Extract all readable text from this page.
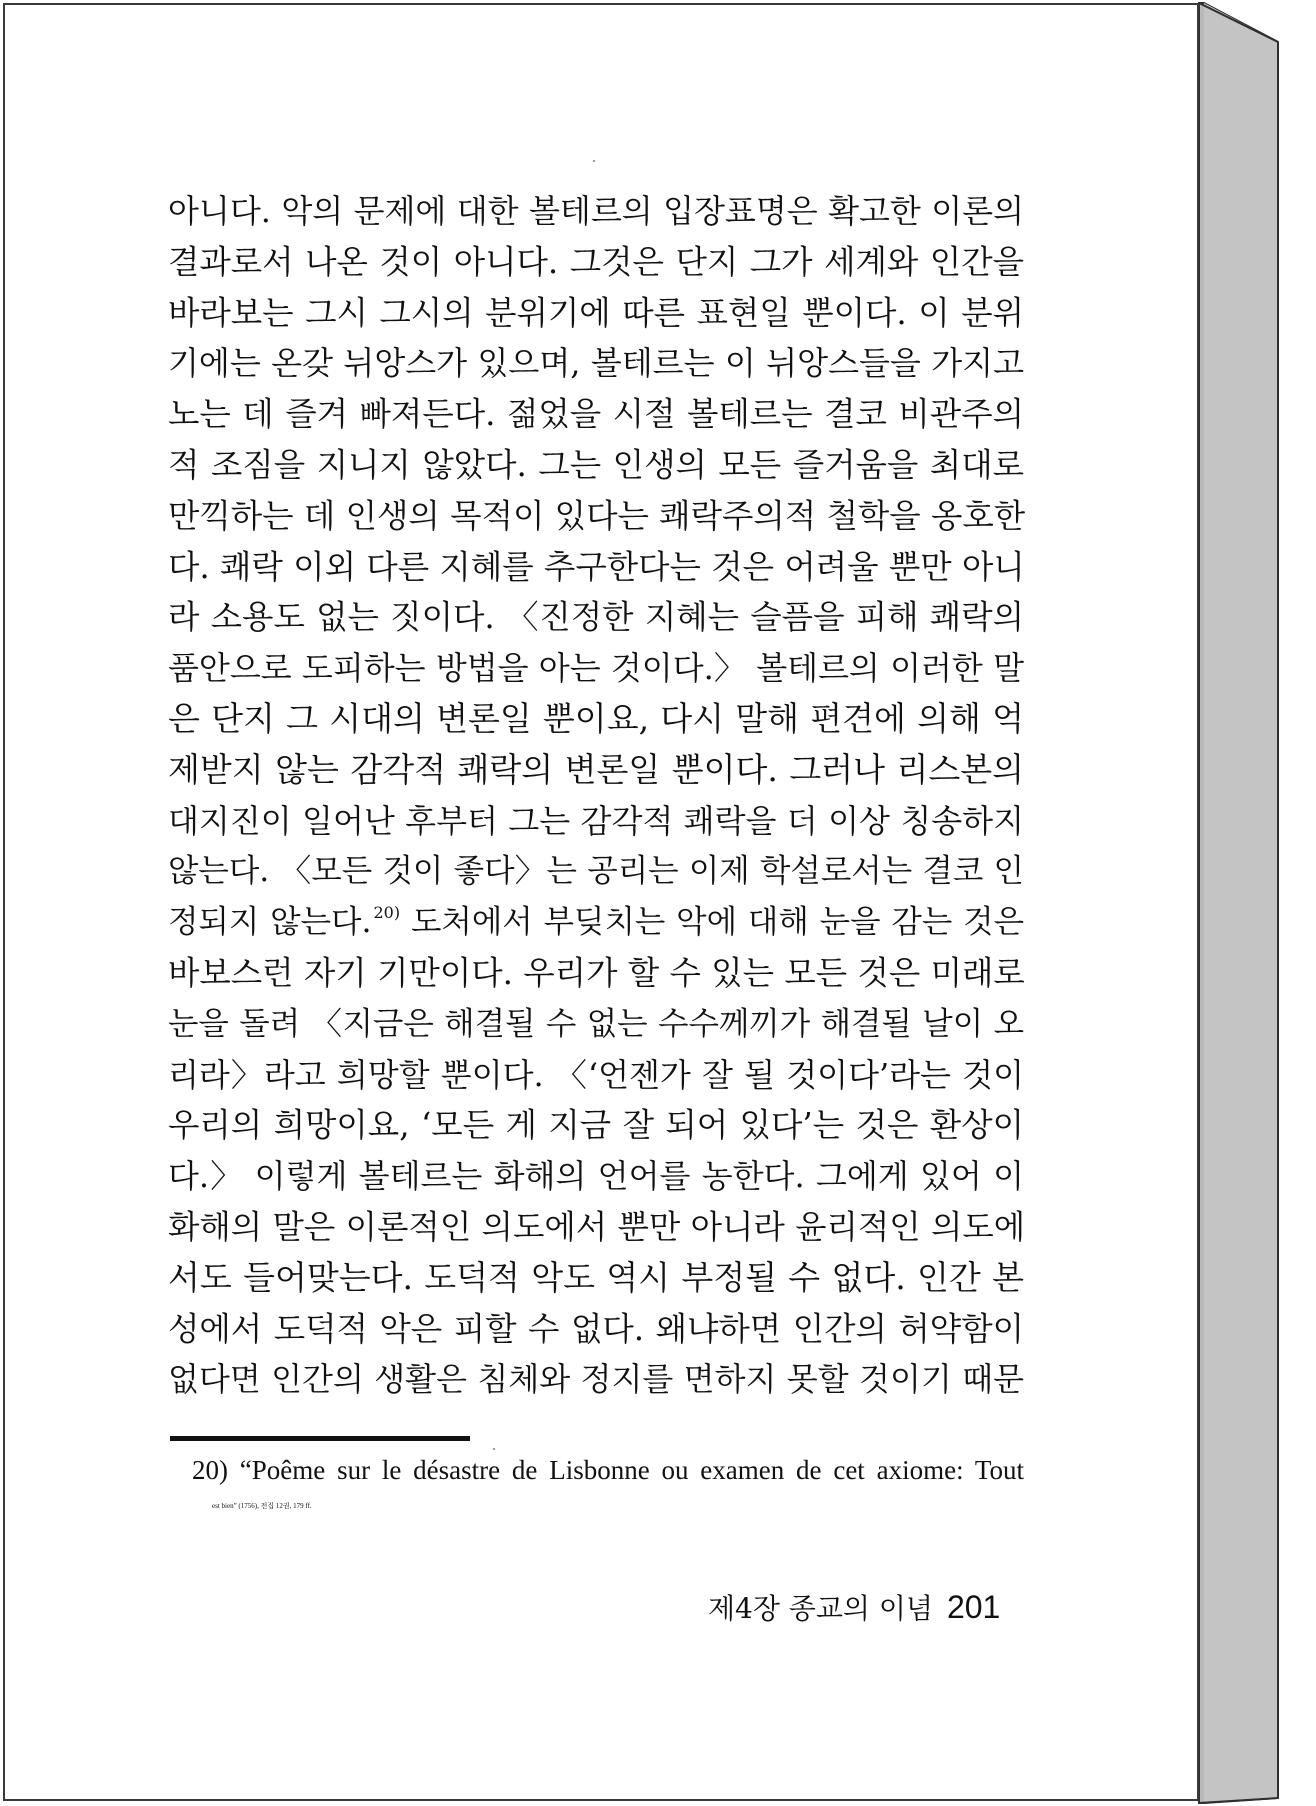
아니다. 악의 문제에 대한 볼테르의 입장표명은 확고한 이론의
결과로서 나온 것이 아니다. 그것은 단지 그가 세계와 인간을
바라보는 그시 그시의 분위기에 따른 표현일 뿐이다. 이 분위
기에는 온갖 뉘앙스가 있으며, 볼테르는 이 뉘앙스들을 가지고
노는 데 즐겨 빠져든다. 젊었을 시절 볼테르는 결코 비관주의
적 조짐을 지니지 않았다. 그는 인생의 모든 즐거움을 최대로
만끽하는 데 인생의 목적이 있다는 쾌락주의적 철학을 옹호한
다. 쾌락 이외 다른 지혜를 추구한다는 것은 어려울 뿐만 아니
라 소용도 없는 짓이다. 〈진정한 지혜는 슬픔을 피해 쾌락의
품안으로 도피하는 방법을 아는 것이다.〉 볼테르의 이러한 말
은 단지 그 시대의 변론일 뿐이요, 다시 말해 편견에 의해 억
제받지 않는 감각적 쾌락의 변론일 뿐이다. 그러나 리스본의
대지진이 일어난 후부터 그는 감각적 쾌락을 더 이상 칭송하지
않는다. 〈모든 것이 좋다〉는 공리는 이제 학설로서는 결코 인
정되지 않는다. $^{20)}$ 도처에서 부딪치는 악에 대해 눈을 감는 것은
바보스런 자기 기만이다. 우리가 할 수 있는 모든 것은 미래로
눈을 돌려 〈지금은 해결될 수 없는 수수께끼가 해결될 날이 오
리라〉라고 희망할 뿐이다. 〈‘언젠가 잘 될 것이다’라는 것이
우리의 희망이요, ‘모든 게 지금 잘 되어 있다’는 것은 환상이
다.〉 이렇게 볼테르는 화해의 언어를 농한다. 그에게 있어 이
화해의 말은 이론적인 의도에서 뿐만 아니라 윤리적인 의도에
서도 들어맞는다. 도덕적 악도 역시 부정될 수 없다. 인간 본
성에서 도덕적 악은 피할 수 없다. 왜냐하면 인간의 허약함이
없다면 인간의 생활은 침체와 정지를 면하지 못할 것이기 때문
20) “Poême sur le désastre de Lisbonne ou examen de cet axiome: Tout
est bien” (1756), 전집 12권, 179 ff.
제4장 종교의 이념 201
